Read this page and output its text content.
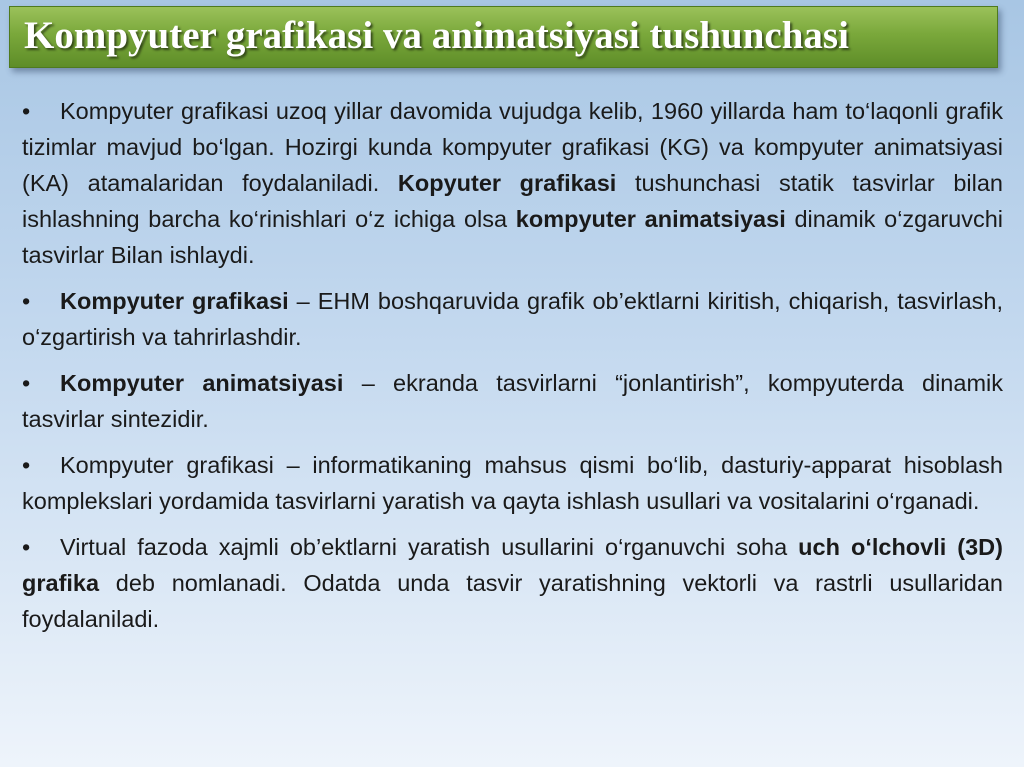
Kompyuter grafikasi va animatsiyasi tushunchasi

• Kompyuter grafikasi uzoq yillar davomida vujudga kelib, 1960 yillarda ham to‘laqonli grafik tizimlar mavjud bo‘lgan. Hozirgi kunda kompyuter grafikasi (KG) va kompyuter animatsiyasi (KA) atamalaridan foydalaniladi. Kopyuter grafikasi tushunchasi statik tasvirlar bilan ishlashning barcha ko‘rinishlari o‘z ichiga olsa kompyuter animatsiyasi dinamik o‘zgaruvchi tasvirlar Bilan ishlaydi.

• Kompyuter grafikasi – EHM boshqaruvida grafik ob’ektlarni kiritish, chiqarish, tasvirlash, o‘zgartirish va tahrirlashdir.

• Kompyuter animatsiyasi – ekranda tasvirlarni “jonlantirish”, kompyuterda dinamik tasvirlar sintezidir.

• Kompyuter grafikasi – informatikaning mahsus qismi bo‘lib, dasturiy-apparat hisoblash komplekslari yordamida tasvirlarni yaratish va qayta ishlash usullari va vositalarini o‘rganadi.

• Virtual fazoda xajmli ob’ektlarni yaratish usullarini o‘rganuvchi soha uch o‘lchovli (3D) grafika deb nomlanadi. Odatda unda tasvir yaratishning vektorli va rastrli usullaridan foydalaniladi.
